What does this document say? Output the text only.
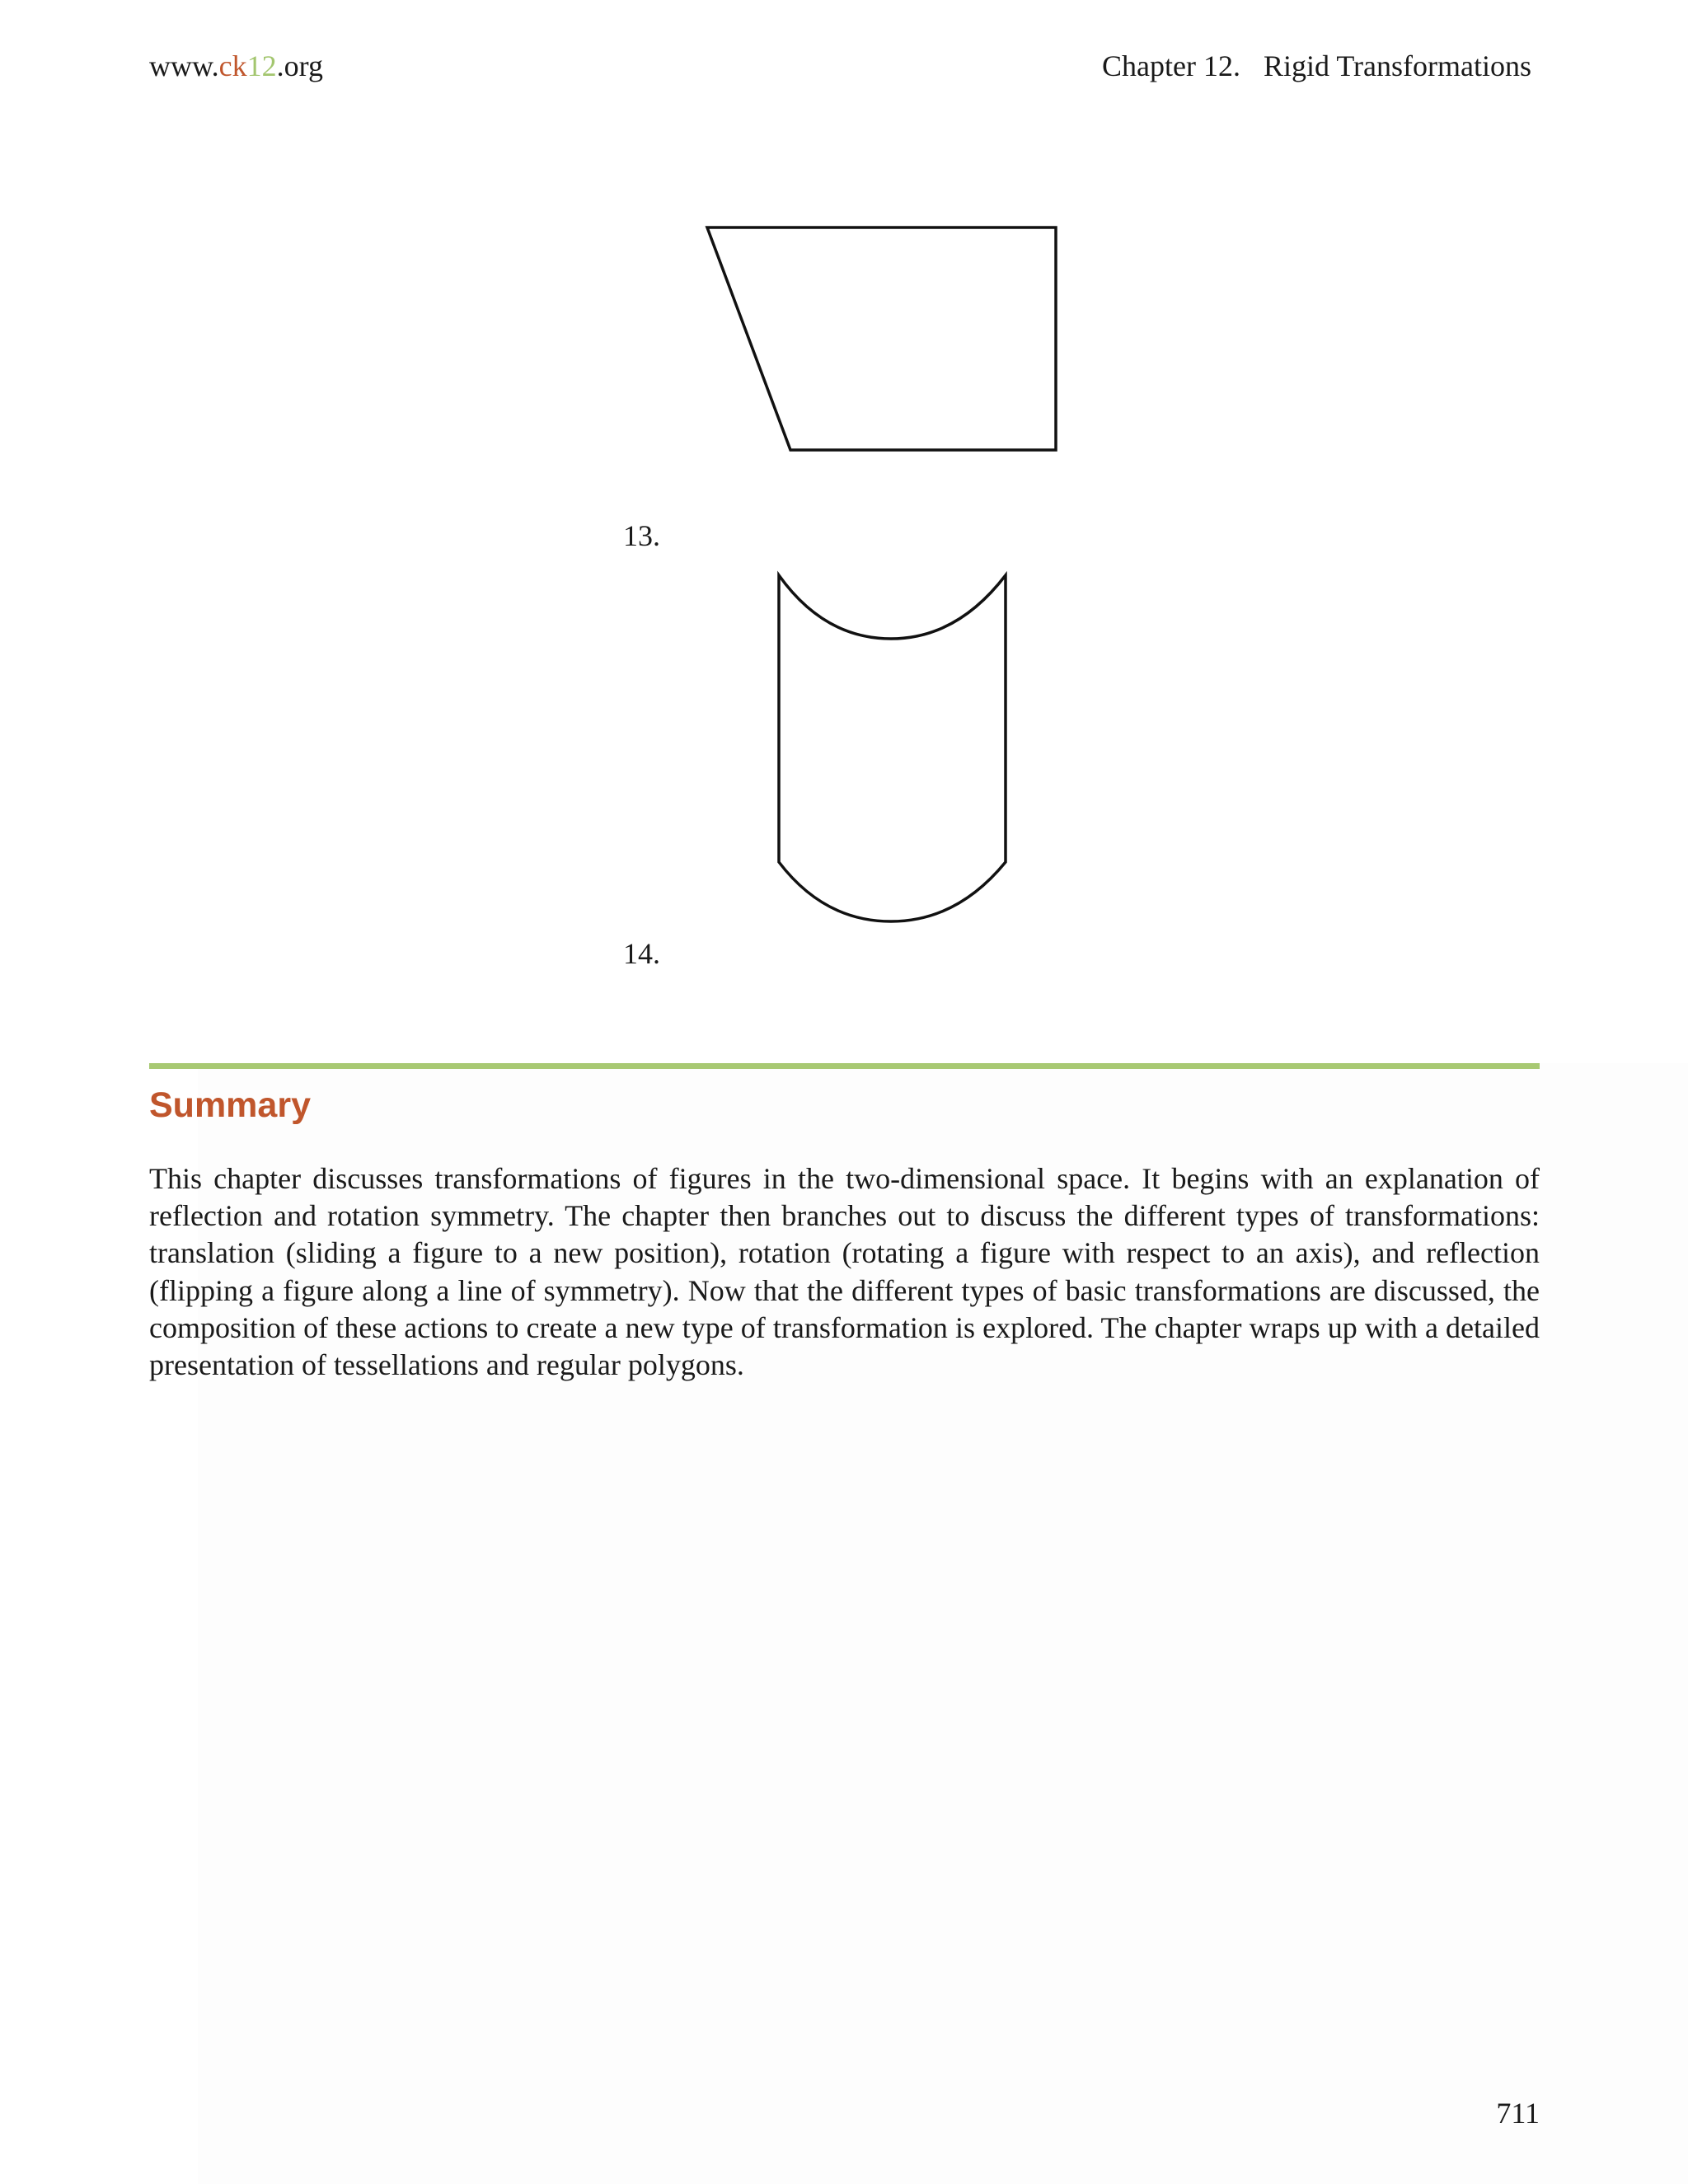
www.ck12.org	Chapter 12. Rigid Transformations
13.
14.
Summary

This chapter discusses transformations of figures in the two-dimensional space. It begins with an explanation of reflection and rotation symmetry. The chapter then branches out to discuss the different types of transformations: translation (sliding a figure to a new position), rotation (rotating a figure with respect to an axis), and reflection (flipping a figure along a line of symmetry). Now that the different types of basic transformations are discussed, the composition of these actions to create a new type of transformation is explored. The chapter wraps up with a detailed presentation of tessellations and regular polygons.

711
